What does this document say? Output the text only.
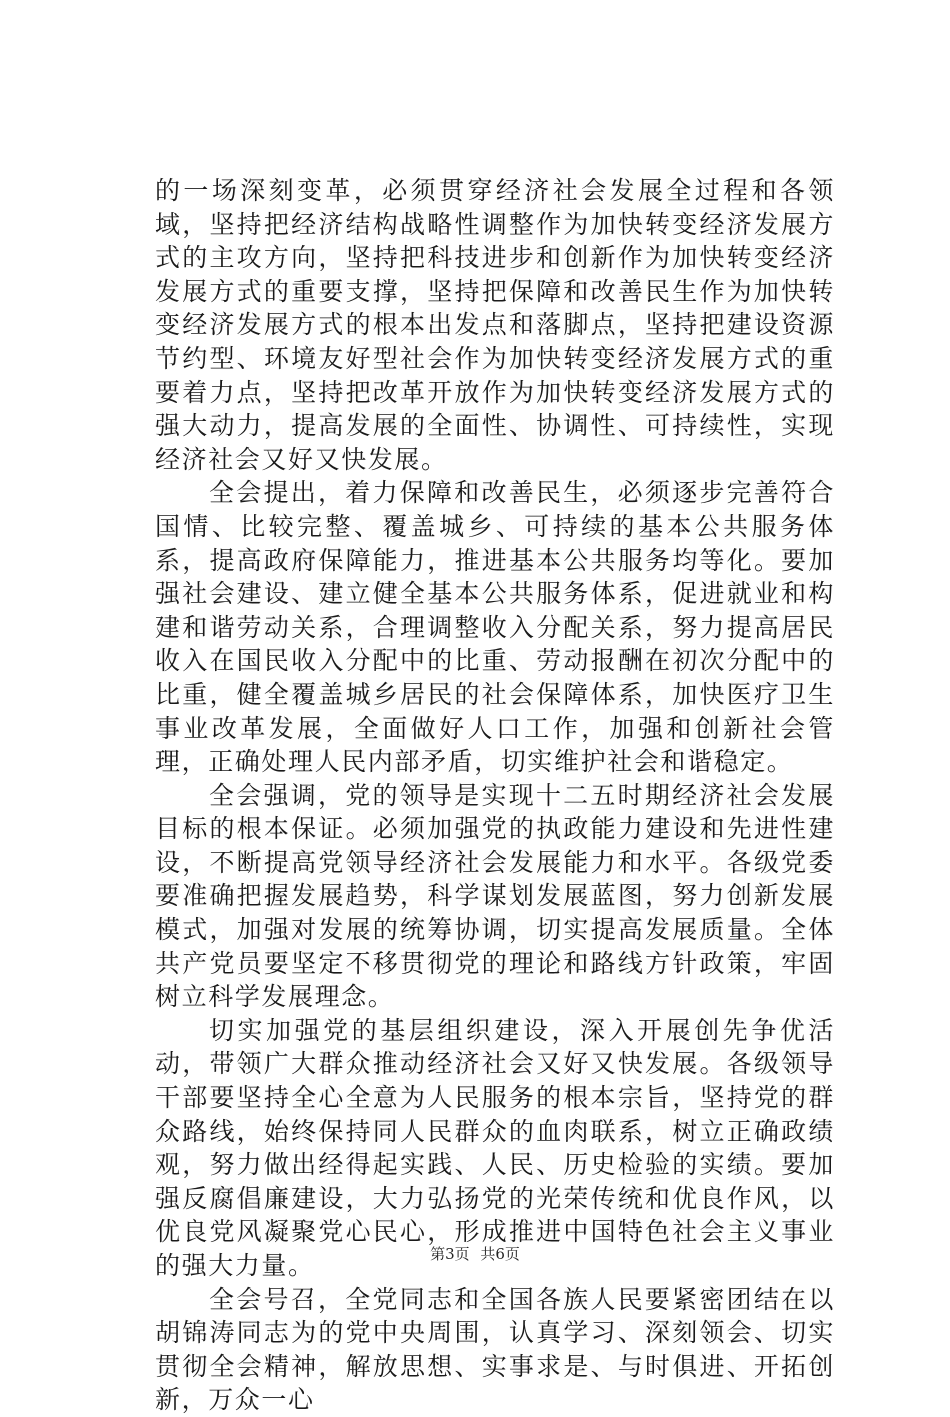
的一场深刻变革，必须贯穿经济社会发展全过程和各领域，坚持把经济结构战略性调整作为加快转变经济发展方式的主攻方向，坚持把科技进步和创新作为加快转变经济发展方式的重要支撑，坚持把保障和改善民生作为加快转变经济发展方式的根本出发点和落脚点，坚持把建设资源节约型、环境友好型社会作为加快转变经济发展方式的重要着力点，坚持把改革开放作为加快转变经济发展方式的强大动力，提高发展的全面性、协调性、可持续性，实现经济社会又好又快发展。

全会提出，着力保障和改善民生，必须逐步完善符合国情、比较完整、覆盖城乡、可持续的基本公共服务体系，提高政府保障能力，推进基本公共服务均等化。要加强社会建设、建立健全基本公共服务体系，促进就业和构建和谐劳动关系，合理调整收入分配关系，努力提高居民收入在国民收入分配中的比重、劳动报酬在初次分配中的比重，健全覆盖城乡居民的社会保障体系，加快医疗卫生事业改革发展，全面做好人口工作，加强和创新社会管理，正确处理人民内部矛盾，切实维护社会和谐稳定。

全会强调，党的领导是实现十二五时期经济社会发展目标的根本保证。必须加强党的执政能力建设和先进性建设，不断提高党领导经济社会发展能力和水平。各级党委要准确把握发展趋势，科学谋划发展蓝图，努力创新发展模式，加强对发展的统筹协调，切实提高发展质量。全体共产党员要坚定不移贯彻党的理论和路线方针政策，牢固树立科学发展理念。

切实加强党的基层组织建设，深入开展创先争优活动，带领广大群众推动经济社会又好又快发展。各级领导干部要坚持全心全意为人民服务的根本宗旨，坚持党的群众路线，始终保持同人民群众的血肉联系，树立正确政绩观，努力做出经得起实践、人民、历史检验的实绩。要加强反腐倡廉建设，大力弘扬党的光荣传统和优良作风，以优良党风凝聚党心民心，形成推进中国特色社会主义事业的强大力量。

全会号召，全党同志和全国各族人民要紧密团结在以胡锦涛同志为的党中央周围，认真学习、深刻领会、切实贯彻全会精神，解放思想、实事求是、与时俱进、开拓创新，万众一心

第3页 共6页
